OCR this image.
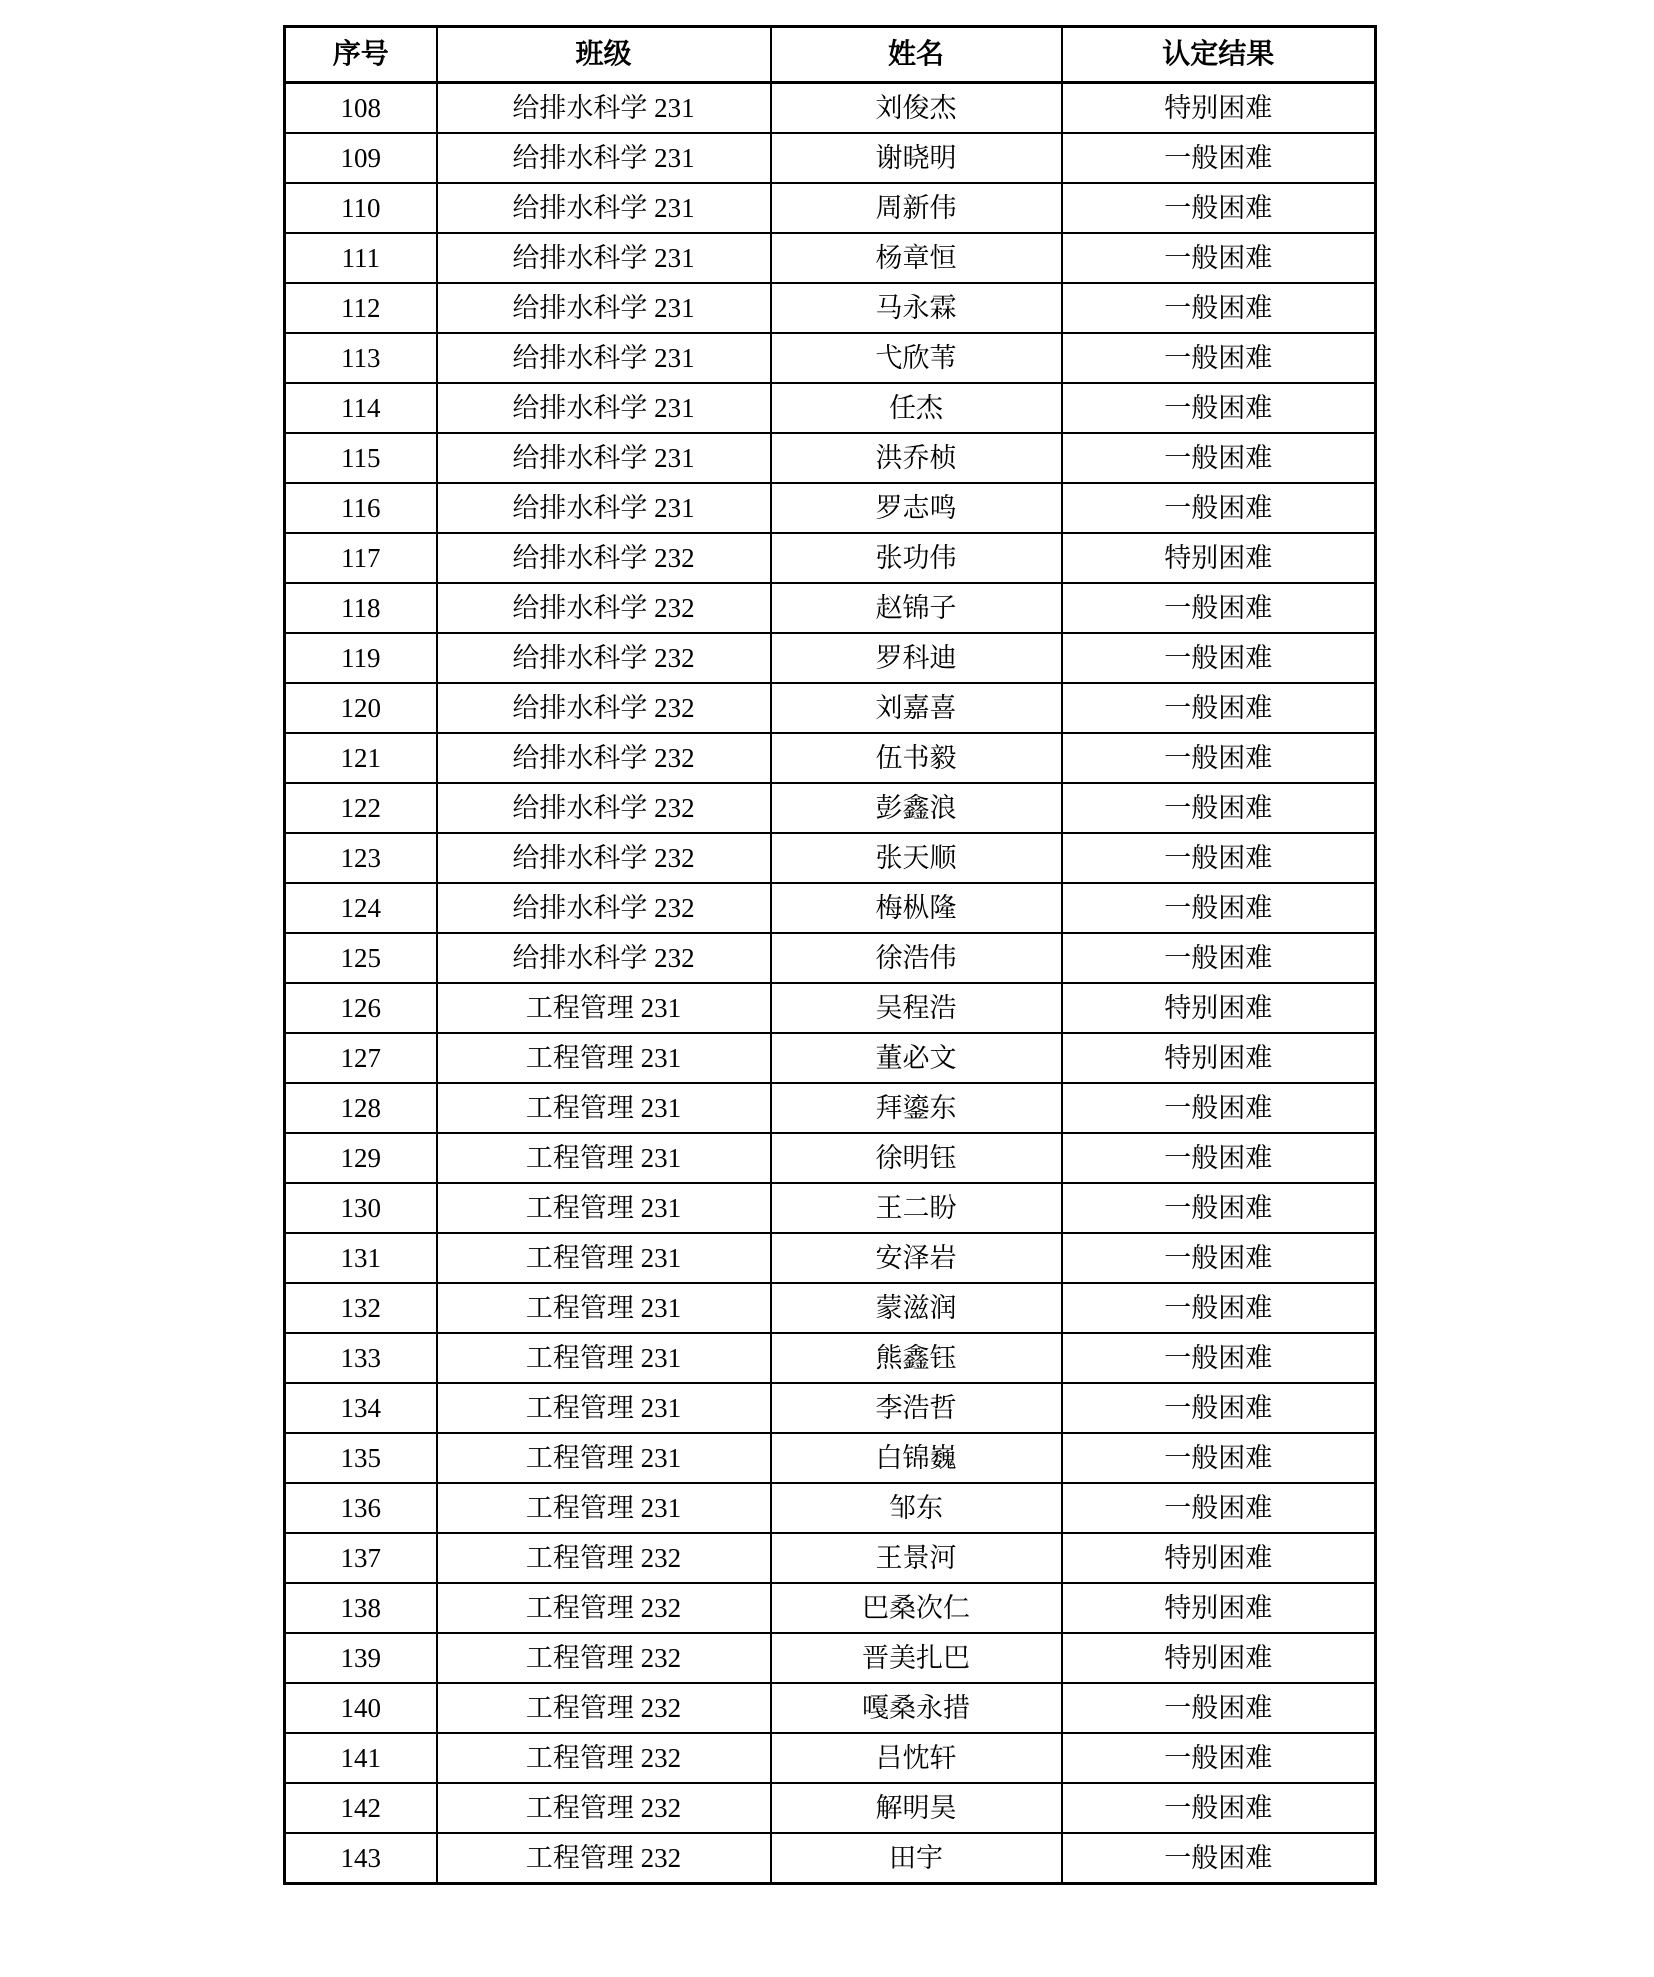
序号	班级	姓名	认定结果
108	给排水科学 231	刘俊杰	特别困难
109	给排水科学 231	谢晓明	一般困难
110	给排水科学 231	周新伟	一般困难
111	给排水科学 231	杨章恒	一般困难
112	给排水科学 231	马永霖	一般困难
113	给排水科学 231	弋欣苇	一般困难
114	给排水科学 231	任杰	一般困难
115	给排水科学 231	洪乔桢	一般困难
116	给排水科学 231	罗志鸣	一般困难
117	给排水科学 232	张功伟	特别困难
118	给排水科学 232	赵锦子	一般困难
119	给排水科学 232	罗科迪	一般困难
120	给排水科学 232	刘嘉喜	一般困难
121	给排水科学 232	伍书毅	一般困难
122	给排水科学 232	彭鑫浪	一般困难
123	给排水科学 232	张天顺	一般困难
124	给排水科学 232	梅枞隆	一般困难
125	给排水科学 232	徐浩伟	一般困难
126	工程管理 231	吴程浩	特别困难
127	工程管理 231	董必文	特别困难
128	工程管理 231	拜鎏东	一般困难
129	工程管理 231	徐明钰	一般困难
130	工程管理 231	王二盼	一般困难
131	工程管理 231	安泽岩	一般困难
132	工程管理 231	蒙滋润	一般困难
133	工程管理 231	熊鑫钰	一般困难
134	工程管理 231	李浩哲	一般困难
135	工程管理 231	白锦巍	一般困难
136	工程管理 231	邹东	一般困难
137	工程管理 232	王景河	特别困难
138	工程管理 232	巴桑次仁	特别困难
139	工程管理 232	晋美扎巴	特别困难
140	工程管理 232	嘎桑永措	一般困难
141	工程管理 232	吕忱轩	一般困难
142	工程管理 232	解明昊	一般困难
143	工程管理 232	田宇	一般困难
